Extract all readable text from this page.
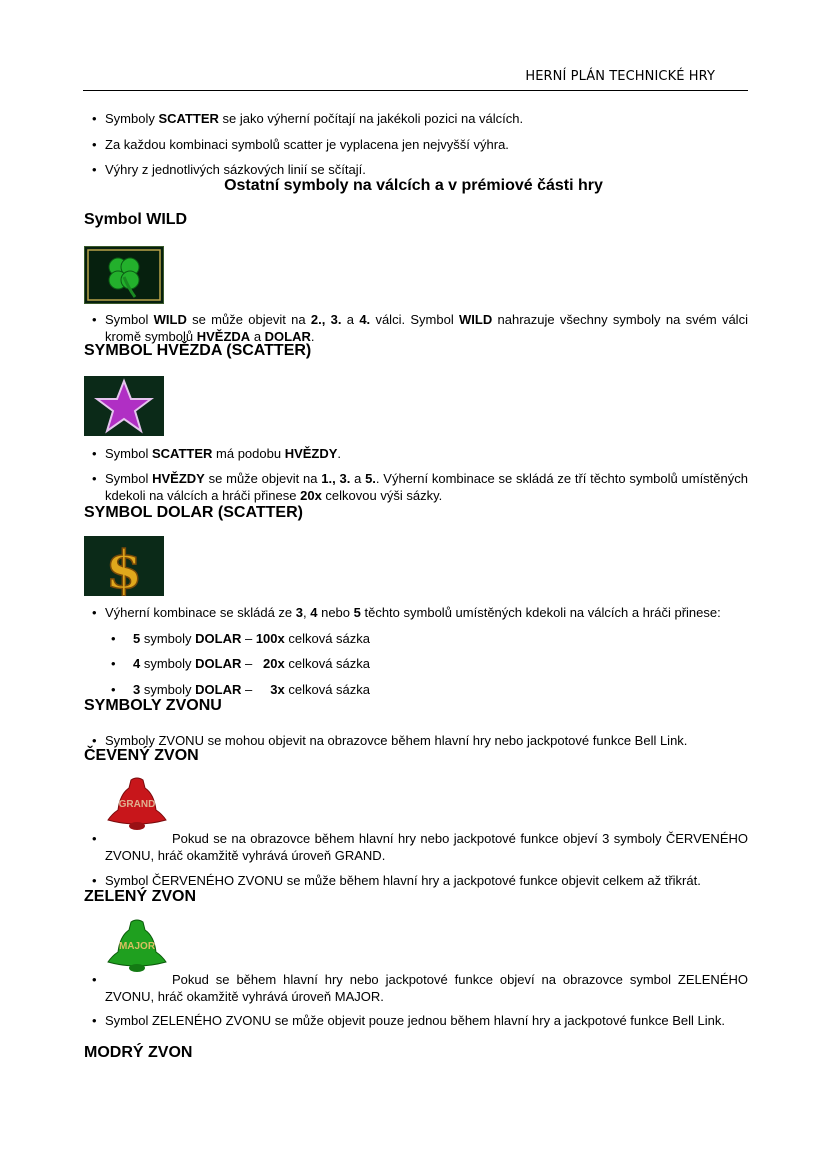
HERNÍ PLÁN TECHNICKÉ HRY
Symboly SCATTER se jako výherní počítají na jakékoli pozici na válcích.
Za každou kombinaci symbolů scatter je vyplacena jen nejvyšší výhra.
Výhry z jednotlivých sázkových linií se sčítají.
Ostatní symboly na válcích a v prémiové části hry
Symbol WILD
Symbol WILD se může objevit na 2., 3. a 4. válci. Symbol WILD nahrazuje všechny symboly na svém válci kromě symbolů HVĚZDA a DOLAR.
SYMBOL HVĚZDA (SCATTER)
Symbol SCATTER má podobu HVĚZDY.
Symbol HVĚZDY se může objevit na 1., 3. a 5.. Výherní kombinace se skládá ze tří těchto symbolů umístěných kdekoli na válcích a hráči přinese 20x celkovou výši sázky.
SYMBOL DOLAR (SCATTER)
$
Výherní kombinace se skládá ze 3, 4 nebo 5 těchto symbolů umístěných kdekoli na válcích a hráči přinese:
5 symboly DOLAR – 100x celková sázka
4 symboly DOLAR –   20x celková sázka
3 symboly DOLAR –     3x celková sázka
SYMBOLY ZVONU
Symboly ZVONU se mohou objevit na obrazovce během hlavní hry nebo jackpotové funkce Bell Link.
ČEVENÝ ZVON
GRAND
Pokud se na obrazovce během hlavní hry nebo jackpotové funkce objeví 3 symboly ČERVENÉHO ZVONU, hráč okamžitě vyhrává úroveň GRAND.
Symbol ČERVENÉHO ZVONU se může během hlavní hry a jackpotové funkce objevit celkem až třikrát.
ZELENÝ ZVON
MAJOR
Pokud se během hlavní hry nebo jackpotové funkce objeví na obrazovce symbol ZELENÉHO ZVONU, hráč okamžitě vyhrává úroveň MAJOR.
Symbol ZELENÉHO ZVONU se může objevit pouze jednou během hlavní hry a jackpotové funkce Bell Link.
MODRÝ ZVON
